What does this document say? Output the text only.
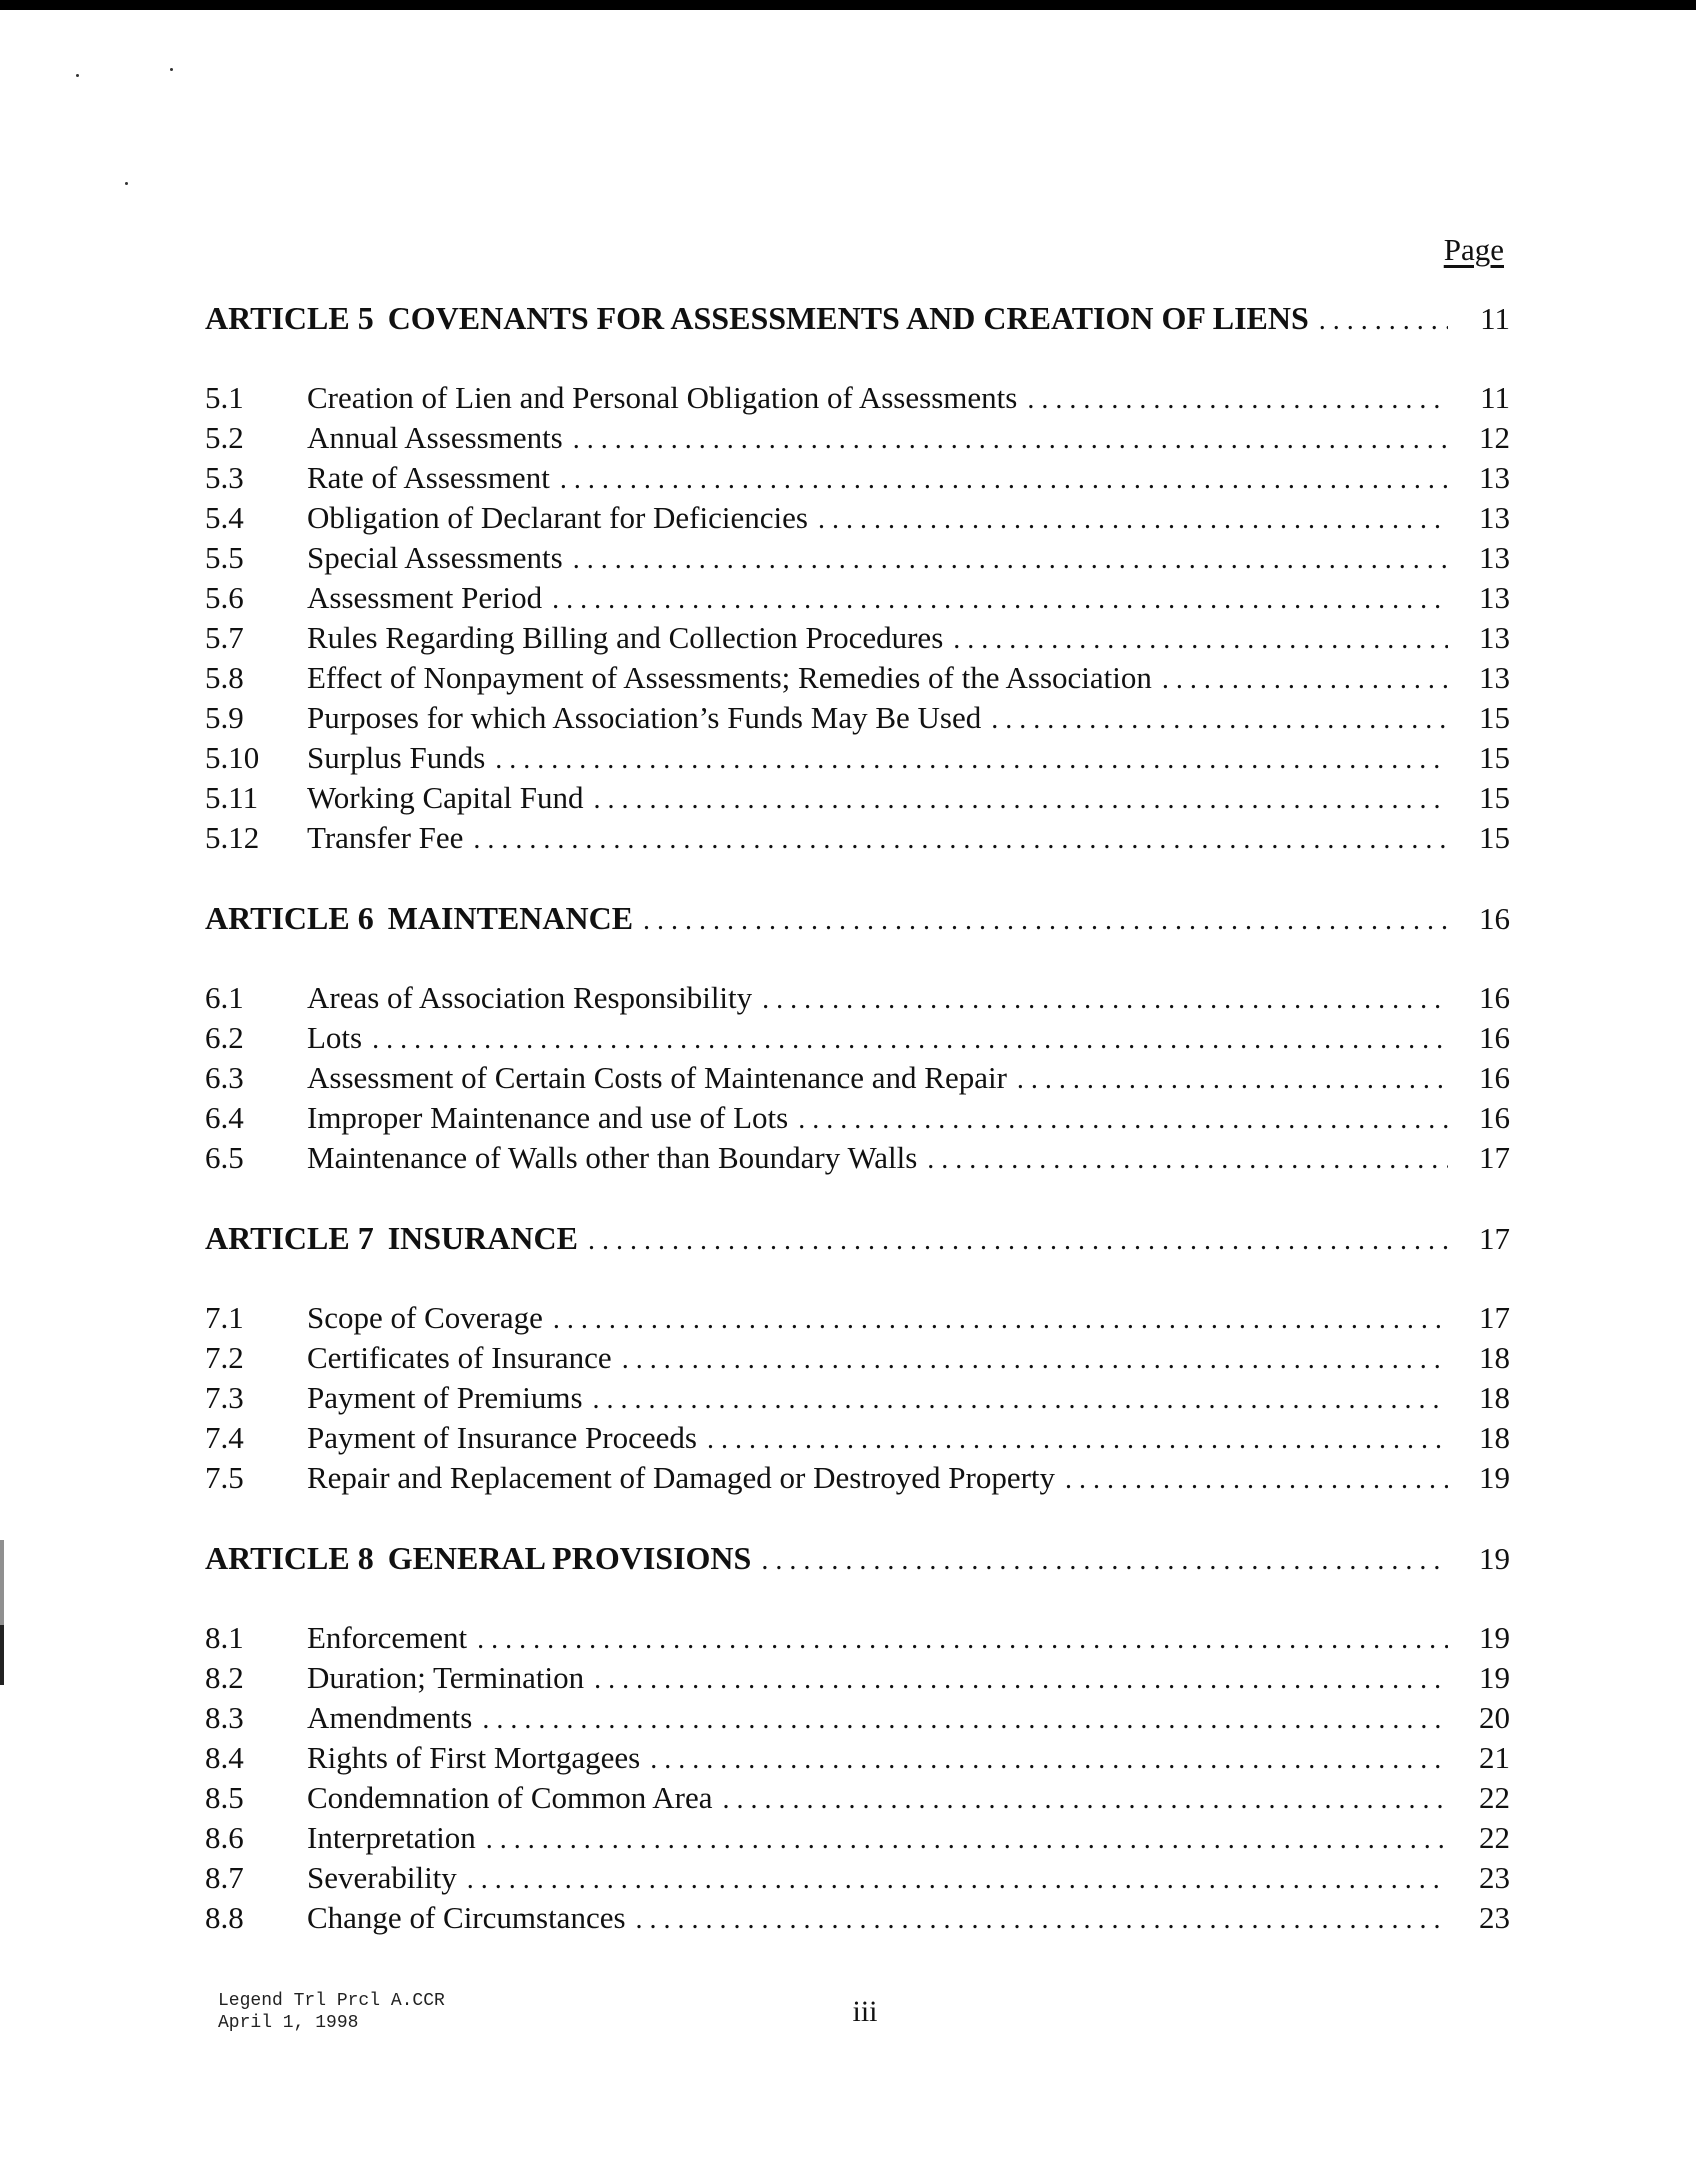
Page
ARTICLE 5 COVENANTS FOR ASSESSMENTS AND CREATION OF LIENS . . .	11
5.1	Creation of Lien and Personal Obligation of Assessments . . .	11
5.2	Annual Assessments . . .	12
5.3	Rate of Assessment . . .	13
5.4	Obligation of Declarant for Deficiencies . . .	13
5.5	Special Assessments . . .	13
5.6	Assessment Period . . .	13
5.7	Rules Regarding Billing and Collection Procedures . . .	13
5.8	Effect of Nonpayment of Assessments; Remedies of the Association . . .	13
5.9	Purposes for which Association’s Funds May Be Used . . .	15
5.10	Surplus Funds . . .	15
5.11	Working Capital Fund . . .	15
5.12	Transfer Fee . . .	15
ARTICLE 6 MAINTENANCE . . .	16
6.1	Areas of Association Responsibility . . .	16
6.2	Lots . . .	16
6.3	Assessment of Certain Costs of Maintenance and Repair . . .	16
6.4	Improper Maintenance and use of Lots . . .	16
6.5	Maintenance of Walls other than Boundary Walls . . .	17
ARTICLE 7 INSURANCE . . .	17
7.1	Scope of Coverage . . .	17
7.2	Certificates of Insurance . . .	18
7.3	Payment of Premiums . . .	18
7.4	Payment of Insurance Proceeds . . .	18
7.5	Repair and Replacement of Damaged or Destroyed Property . . .	19
ARTICLE 8 GENERAL PROVISIONS . . .	19
8.1	Enforcement . . .	19
8.2	Duration; Termination . . .	19
8.3	Amendments . . .	20
8.4	Rights of First Mortgagees . . .	21
8.5	Condemnation of Common Area . . .	22
8.6	Interpretation . . .	22
8.7	Severability . . .	23
8.8	Change of Circumstances . . .	23
Legend Trl Prcl A.CCR
April 1, 1998	iii
